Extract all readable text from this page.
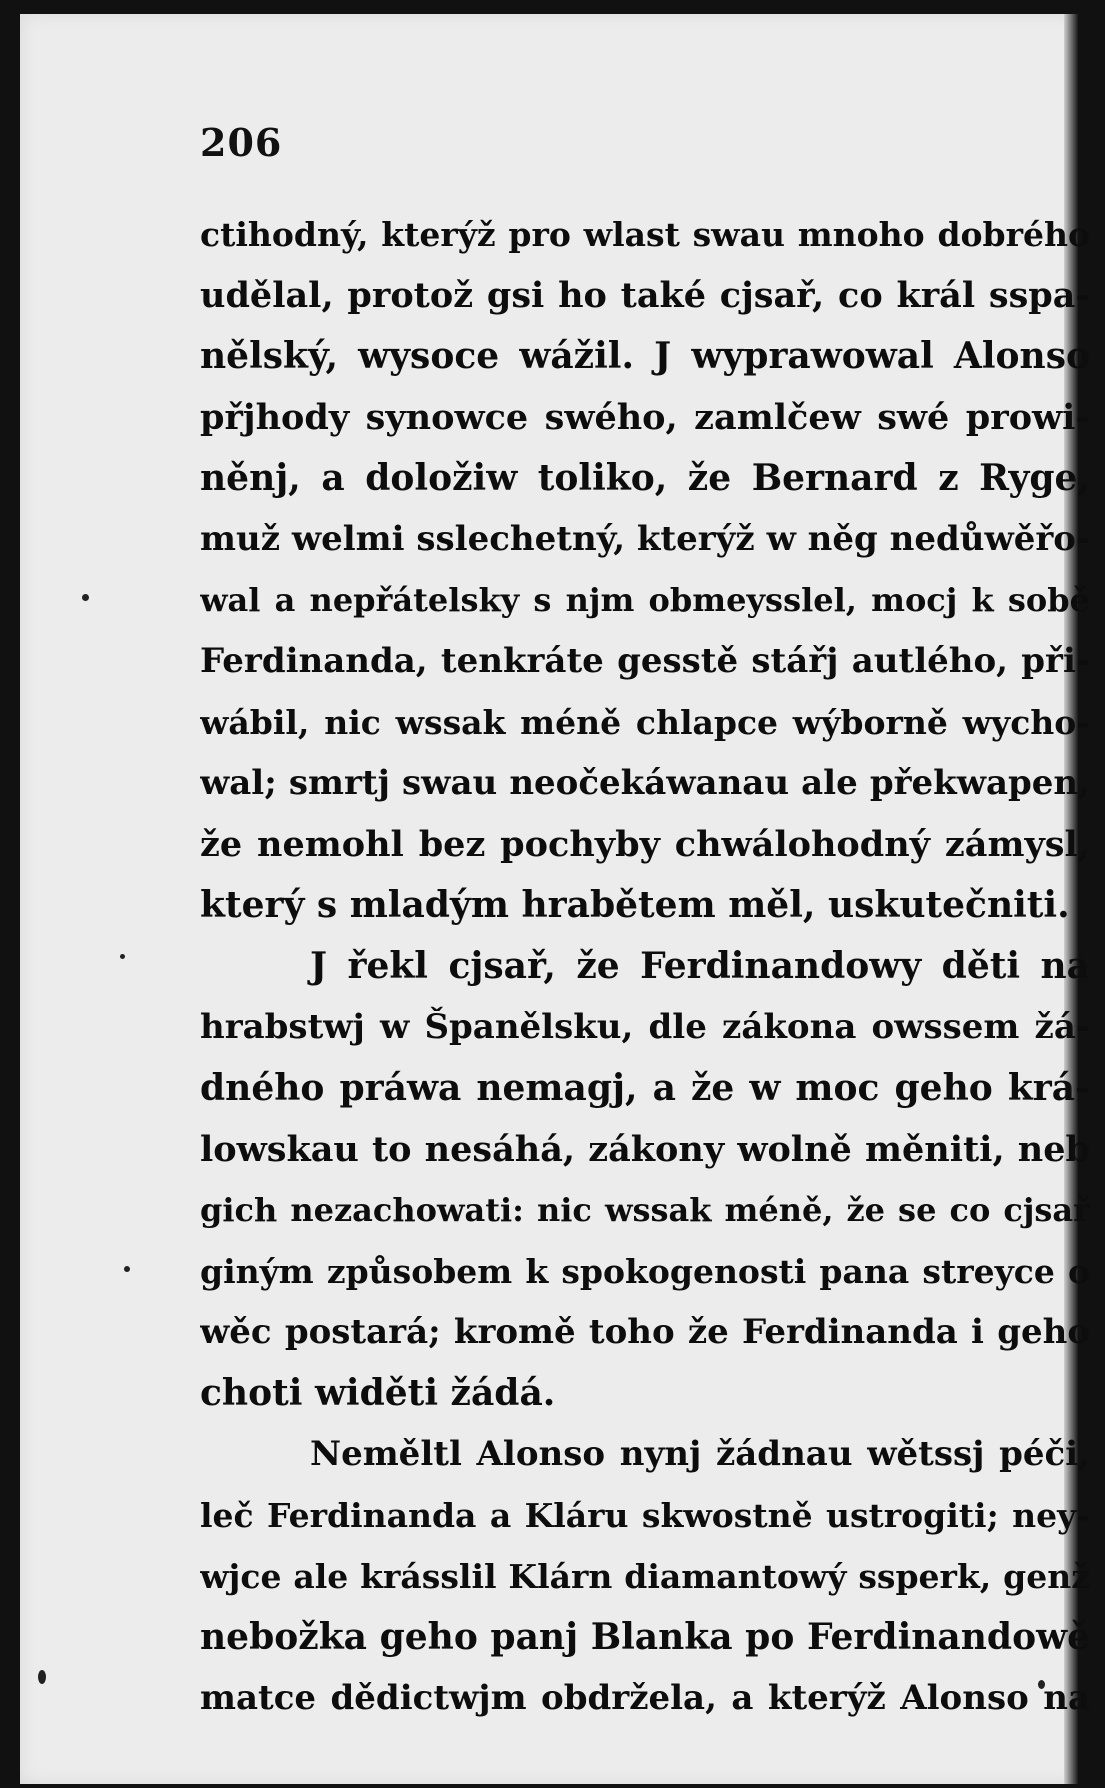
206
ctihodný, kterýž pro wlast swau mnoho dobrého
udělal, protož gsi ho také cjsař, co král sspa-
nělský, wysoce wážil. J wyprawowal Alonso
přjhody synowce swého, zamlčew swé prowi-
něnj, a doložiw toliko, že Bernard z Ryge,
muž welmi sslechetný, kterýž w něg nedůwěřo-
wal a nepřátelsky s njm obmeysslel, mocj k sobě
Ferdinanda, tenkráte gesstě stářj autlého, při-
wábil, nic wssak méně chlapce wýborně wycho-
wal; smrtj swau neočekáwanau ale překwapen,
že nemohl bez pochyby chwálohodný zámysl,
který s mladým hrabětem měl, uskutečniti.
J řekl cjsař, že Ferdinandowy děti na
hrabstwj w Španělsku, dle zákona owssem žá-
dného práwa nemagj, a že w moc geho krá-
lowskau to nesáhá, zákony wolně měniti, neb
gich nezachowati: nic wssak méně, že se co cjsař
giným způsobem k spokogenosti pana streyce o
wěc postará; kromě toho že Ferdinanda i geho
choti widěti žádá.
Neměltl Alonso nynj žádnau wětssj péči,
leč Ferdinanda a Kláru skwostně ustrogiti; ney-
wjce ale krásslil Klárn diamantowý ssperk, genž
nebožka geho panj Blanka po Ferdinandowě
matce dědictwjm obdržela, a kterýž Alonso na
